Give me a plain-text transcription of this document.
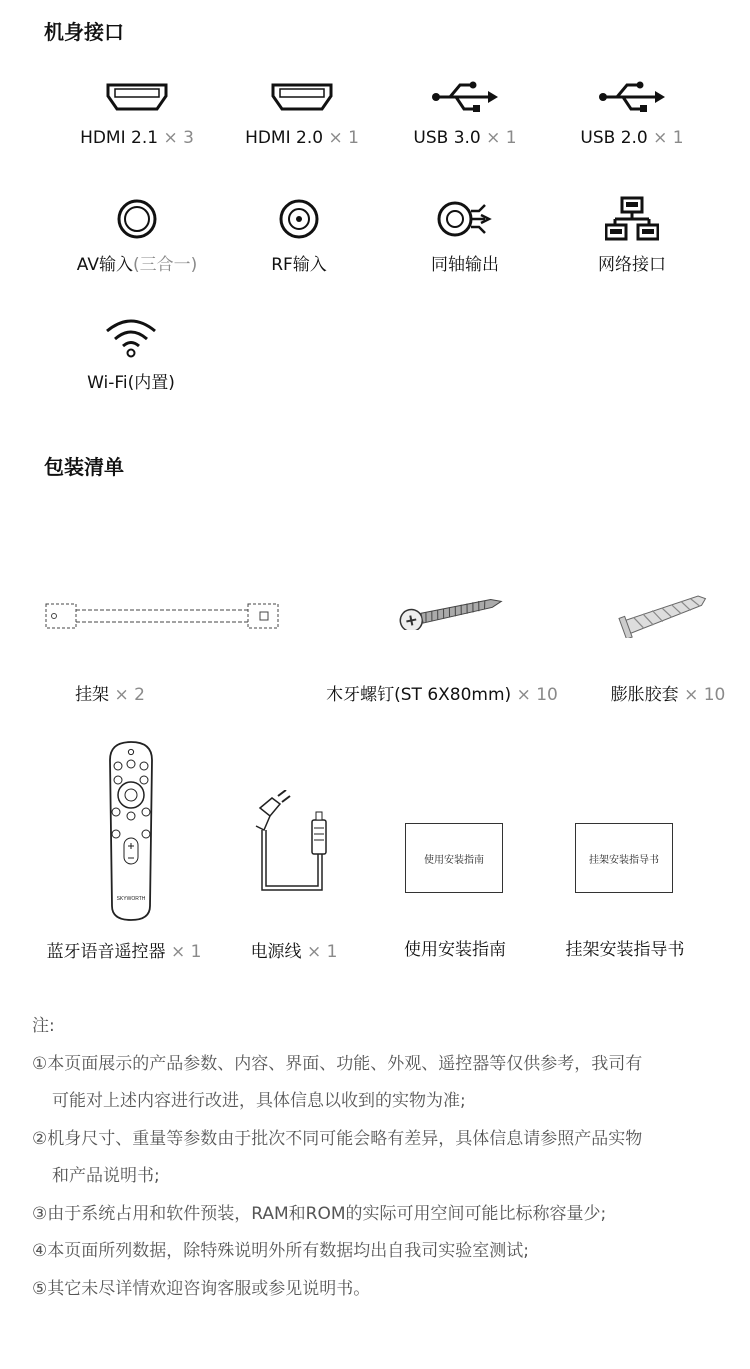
机身接口
HDMI 2.1 × 3	HDMI 2.0 × 1	USB 3.0 × 1	USB 2.0 × 1
AV输入(三合一)	RF输入	同轴输出	网络接口
Wi-Fi(内置)
包装清单
挂架 × 2	木牙螺钉(ST 6X80mm) × 10	膨胀胶套 × 10
SKYWORTH
蓝牙语音遥控器 × 1	电源线 × 1
使用安装指南
使用安装指南
挂架安装指导书
挂架安装指导书
注:
①本页面展示的产品参数、内容、界面、功能、外观、遥控器等仅供参考，我司有
可能对上述内容进行改进，具体信息以收到的实物为准;
②机身尺寸、重量等参数由于批次不同可能会略有差异，具体信息请参照产品实物
和产品说明书;
③由于系统占用和软件预装，RAM和ROM的实际可用空间可能比标称容量少;
④本页面所列数据，除特殊说明外所有数据均出自我司实验室测试;
⑤其它未尽详情欢迎咨询客服或参见说明书。
